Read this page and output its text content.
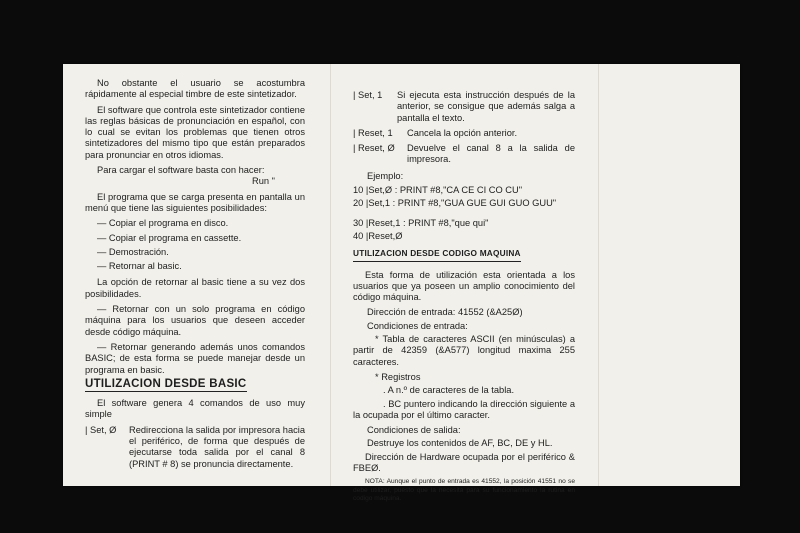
No obstante el usuario se acostumbra rápidamente al especial timbre de este sintetizador.

El software que controla este sintetizador contiene las reglas básicas de pronunciación en español, con lo cual se evitan los problemas que tienen otros sintetizadores del mismo tipo que están preparados para pronunciar en otros idiomas.

Para cargar el software basta con hacer:

Run "

El programa que se carga presenta en pantalla un menú que tiene las siguientes posibilidades:

— Copiar el programa en disco.
— Copiar el programa en cassette.
— Demostración.
— Retornar al basic.

La opción de retornar al basic tiene a su vez dos posibilidades.

— Retornar con un solo programa en código máquina para los usuarios que deseen acceder desde código máquina.

— Retornar generando además unos comandos BASIC; de esta forma se puede manejar desde un programa en basic.

UTILIZACION DESDE BASIC

El software genera 4 comandos de uso muy simple

| Set, Ø	Redirecciona la salida por impresora hacia el periférico, de forma que después de ejecutarse toda salida por el canal 8 (PRINT # 8) se pronuncia directamente.
| Set, 1	Si ejecuta esta instrucción después de la anterior, se consigue que además salga a pantalla el texto.
| Reset, 1	Cancela la opción anterior.
| Reset, Ø	Devuelve el canal 8 a la salida de impresora.

Ejemplo:

10 |Set,Ø : PRINT #8,"CA CE CI CO CU"
20 |Set,1 : PRINT #8,"GUA GUE GUI GUO GUU"
30 |Reset,1 : PRINT #8,"que qui"
40 |Reset,Ø
UTILIZACION DESDE CODIGO MAQUINA

Esta forma de utilización esta orientada a los usuarios que ya poseen un amplio conocimiento del código máquina.

Dirección de entrada: 41552 (&A25Ø)

Condiciones de entrada:

* Tabla de caracteres ASCII (en minúsculas) a partir de 42359 (&A577) longitud maxima 255 caracteres.

* Registros

. A n.º de caracteres de la tabla.

. BC puntero indicando la dirección siguiente a la ocupada por el último caracter.

Condiciones de salida:

Destruye los contenidos de AF, BC, DE y HL.

Dirección de Hardware ocupada por el periférico & FBEØ.

NOTA: Aunque el punto de entrada es 41552, la posición 41551 no se debe utilizar, puesto que la necesita para su funcionamiento la rutina en codigo máquina.
